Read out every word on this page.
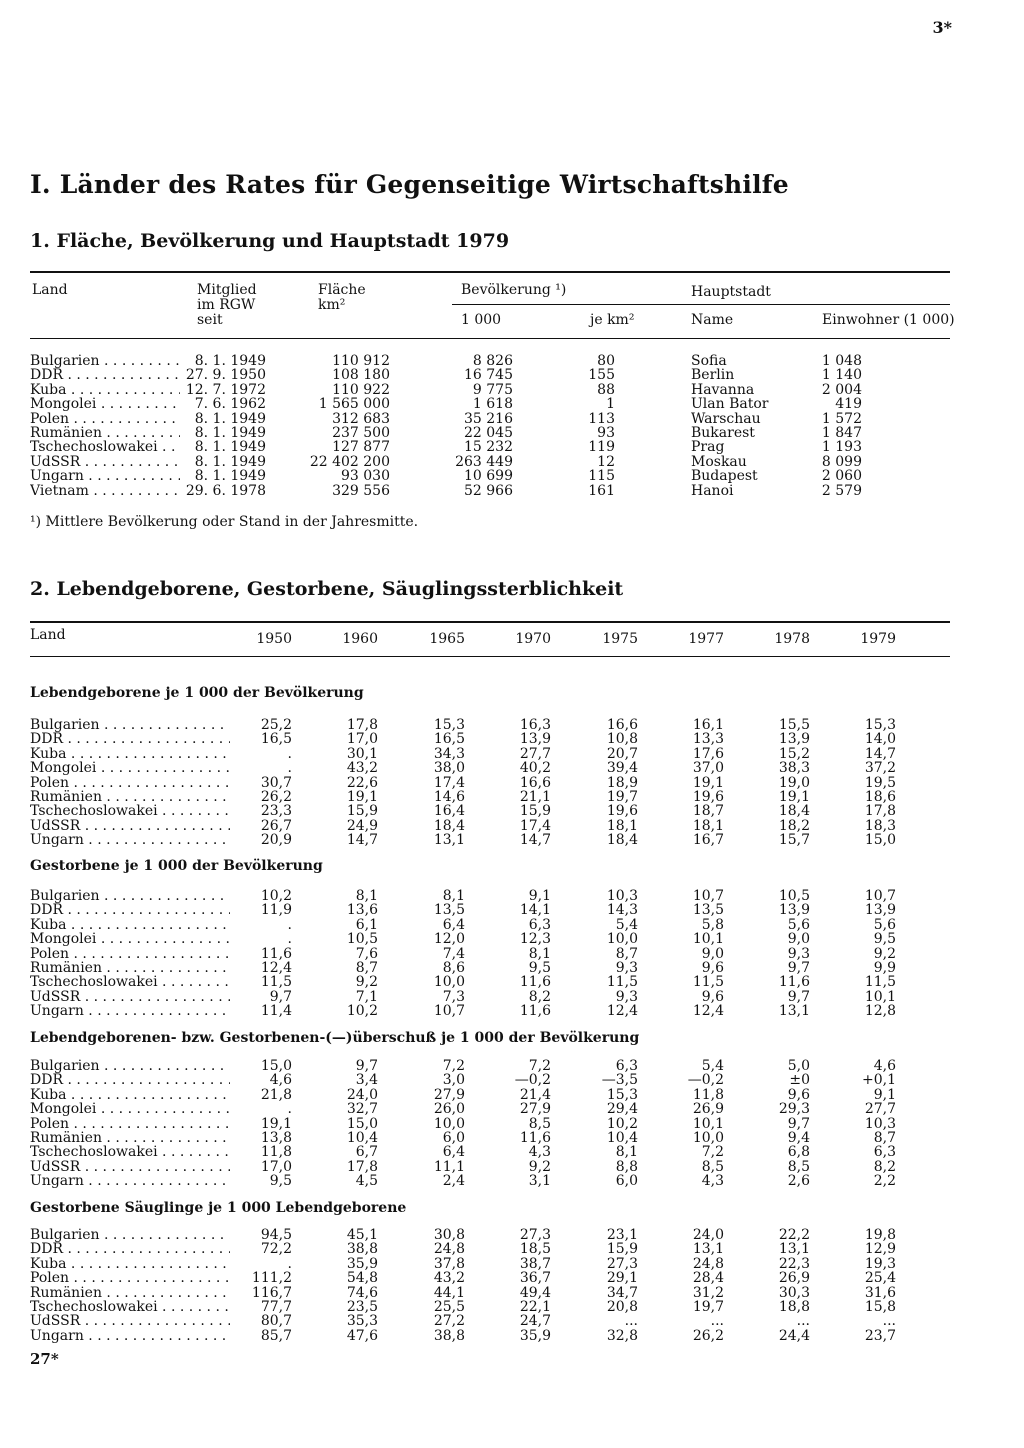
3*
I. Länder des Rates für Gegenseitige Wirtschaftshilfe
1. Fläche, Bevölkerung und Hauptstadt 1979
Land	Mitglied
im RGW
seit
Fläche
km²
Bevölkerung ¹)	Hauptstadt
1 000	je km²	Name	Einwohner (1 000)
Bulgarien . . .	8. 1. 1949	110 912	8 826	80	Sofia	1 048
DDR . . .	27. 9. 1950	108 180	16 745	155	Berlin	1 140
Kuba . . .	12. 7. 1972	110 922	9 775	88	Havanna	2 004
Mongolei . . .	7. 6. 1962	1 565 000	1 618	1	Ulan Bator	419
Polen . . .	8. 1. 1949	312 683	35 216	113	Warschau	1 572
Rumänien . . .	8. 1. 1949	237 500	22 045	93	Bukarest	1 847
Tschechoslowakei . . .	8. 1. 1949	127 877	15 232	119	Prag	1 193
UdSSR . . .	8. 1. 1949	22 402 200	263 449	12	Moskau	8 099
Ungarn . . .	8. 1. 1949	93 030	10 699	115	Budapest	2 060
Vietnam . . .	29. 6. 1978	329 556	52 966	161	Hanoi	2 579
¹) Mittlere Bevölkerung oder Stand in der Jahresmitte.
2. Lebendgeborene, Gestorbene, Säuglingssterblichkeit
Land	1950	1960	1965	1970	1975	1977	1978	1979
Lebendgeborene je 1 000 der Bevölkerung
Bulgarien . . .	25,2	17,8	15,3	16,3	16,6	16,1	15,5	15,3
DDR . . .	16,5	17,0	16,5	13,9	10,8	13,3	13,9	14,0
Kuba . . .	.	30,1	34,3	27,7	20,7	17,6	15,2	14,7
Mongolei . . .	.	43,2	38,0	40,2	39,4	37,0	38,3	37,2
Polen . . .	30,7	22,6	17,4	16,6	18,9	19,1	19,0	19,5
Rumänien . . .	26,2	19,1	14,6	21,1	19,7	19,6	19,1	18,6
Tschechoslowakei . . .	23,3	15,9	16,4	15,9	19,6	18,7	18,4	17,8
UdSSR . . .	26,7	24,9	18,4	17,4	18,1	18,1	18,2	18,3
Ungarn . . .	20,9	14,7	13,1	14,7	18,4	16,7	15,7	15,0
Gestorbene je 1 000 der Bevölkerung
Bulgarien . . .	10,2	8,1	8,1	9,1	10,3	10,7	10,5	10,7
DDR . . .	11,9	13,6	13,5	14,1	14,3	13,5	13,9	13,9
Kuba . . .	.	6,1	6,4	6,3	5,4	5,8	5,6	5,6
Mongolei . . .	.	10,5	12,0	12,3	10,0	10,1	9,0	9,5
Polen . . .	11,6	7,6	7,4	8,1	8,7	9,0	9,3	9,2
Rumänien . . .	12,4	8,7	8,6	9,5	9,3	9,6	9,7	9,9
Tschechoslowakei . . .	11,5	9,2	10,0	11,6	11,5	11,5	11,6	11,5
UdSSR . . .	9,7	7,1	7,3	8,2	9,3	9,6	9,7	10,1
Ungarn . . .	11,4	10,2	10,7	11,6	12,4	12,4	13,1	12,8
Lebendgeborenen- bzw. Gestorbenen-(—)überschuß je 1 000 der Bevölkerung
Bulgarien . . .	15,0	9,7	7,2	7,2	6,3	5,4	5,0	4,6
DDR . . .	4,6	3,4	3,0	—0,2	—3,5	—0,2	±0	+0,1
Kuba . . .	21,8	24,0	27,9	21,4	15,3	11,8	9,6	9,1
Mongolei . . .	.	32,7	26,0	27,9	29,4	26,9	29,3	27,7
Polen . . .	19,1	15,0	10,0	8,5	10,2	10,1	9,7	10,3
Rumänien . . .	13,8	10,4	6,0	11,6	10,4	10,0	9,4	8,7
Tschechoslowakei . . .	11,8	6,7	6,4	4,3	8,1	7,2	6,8	6,3
UdSSR . . .	17,0	17,8	11,1	9,2	8,8	8,5	8,5	8,2
Ungarn . . .	9,5	4,5	2,4	3,1	6,0	4,3	2,6	2,2
Gestorbene Säuglinge je 1 000 Lebendgeborene
Bulgarien . . .	94,5	45,1	30,8	27,3	23,1	24,0	22,2	19,8
DDR . . .	72,2	38,8	24,8	18,5	15,9	13,1	13,1	12,9
Kuba . . .	.	35,9	37,8	38,7	27,3	24,8	22,3	19,3
Polen . . .	111,2	54,8	43,2	36,7	29,1	28,4	26,9	25,4
Rumänien . . .	116,7	74,6	44,1	49,4	34,7	31,2	30,3	31,6
Tschechoslowakei . . .	77,7	23,5	25,5	22,1	20,8	19,7	18,8	15,8
UdSSR . . .	80,7	35,3	27,2	24,7	...	...	...	...
Ungarn . . .	85,7	47,6	38,8	35,9	32,8	26,2	24,4	23,7
27*
